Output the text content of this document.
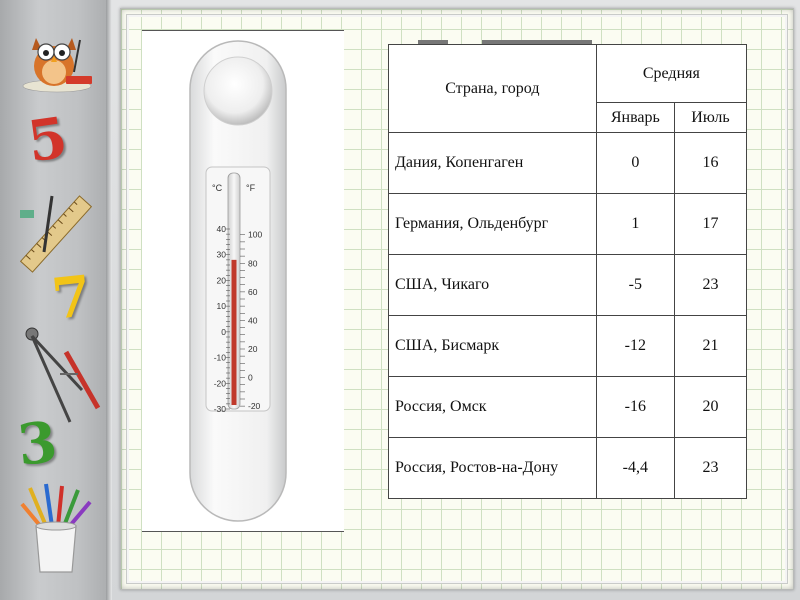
5
7
3
40
30
20
10
0
-10
-20
-30
100
80
60
40
20
0
-20
°C	°F
Страна, город	Средняя	
	Январь	Июль
Дания, Копенгаген	0	16
Германия, Ольденбург	1	17
США, Чикаго	-5	23
США, Бисмарк	-12	21
Россия, Омск	-16	20
Россия, Ростов-на-Дону	-4,4	23
